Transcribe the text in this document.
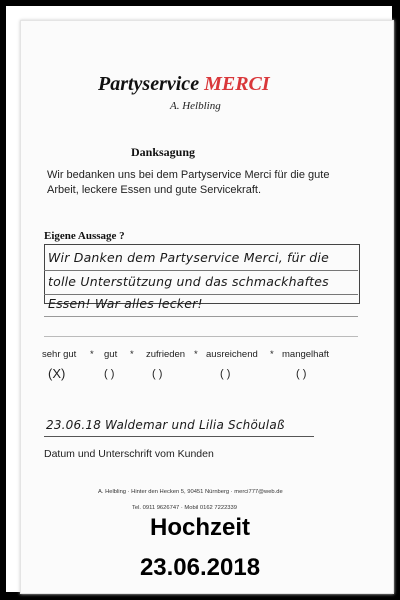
Partyservice MERCI
A. Helbling
Danksagung
Wir bedanken uns bei dem Partyservice Merci für die gute Arbeit, leckere Essen und gute Servicekraft.
Eigene Aussage ?
Wir Danken dem Partyservice Merci, für die
tolle Unterstützung und das schmackhaftes
Essen! War alles lecker!
sehr gut * gut * zufrieden * ausreichend * mangelhaft
(X)	( )	( )	( )	( )
23.06.18 Waldemar und Lilia Schöulaß
Datum und Unterschrift vom Kunden
A. Helbling · Hinter den Hecken 5, 90451 Nürnberg · merci777@web.de
Tel. 0911 9626747 · Mobil 0162 7222339
Hochzeit
23.06.2018
